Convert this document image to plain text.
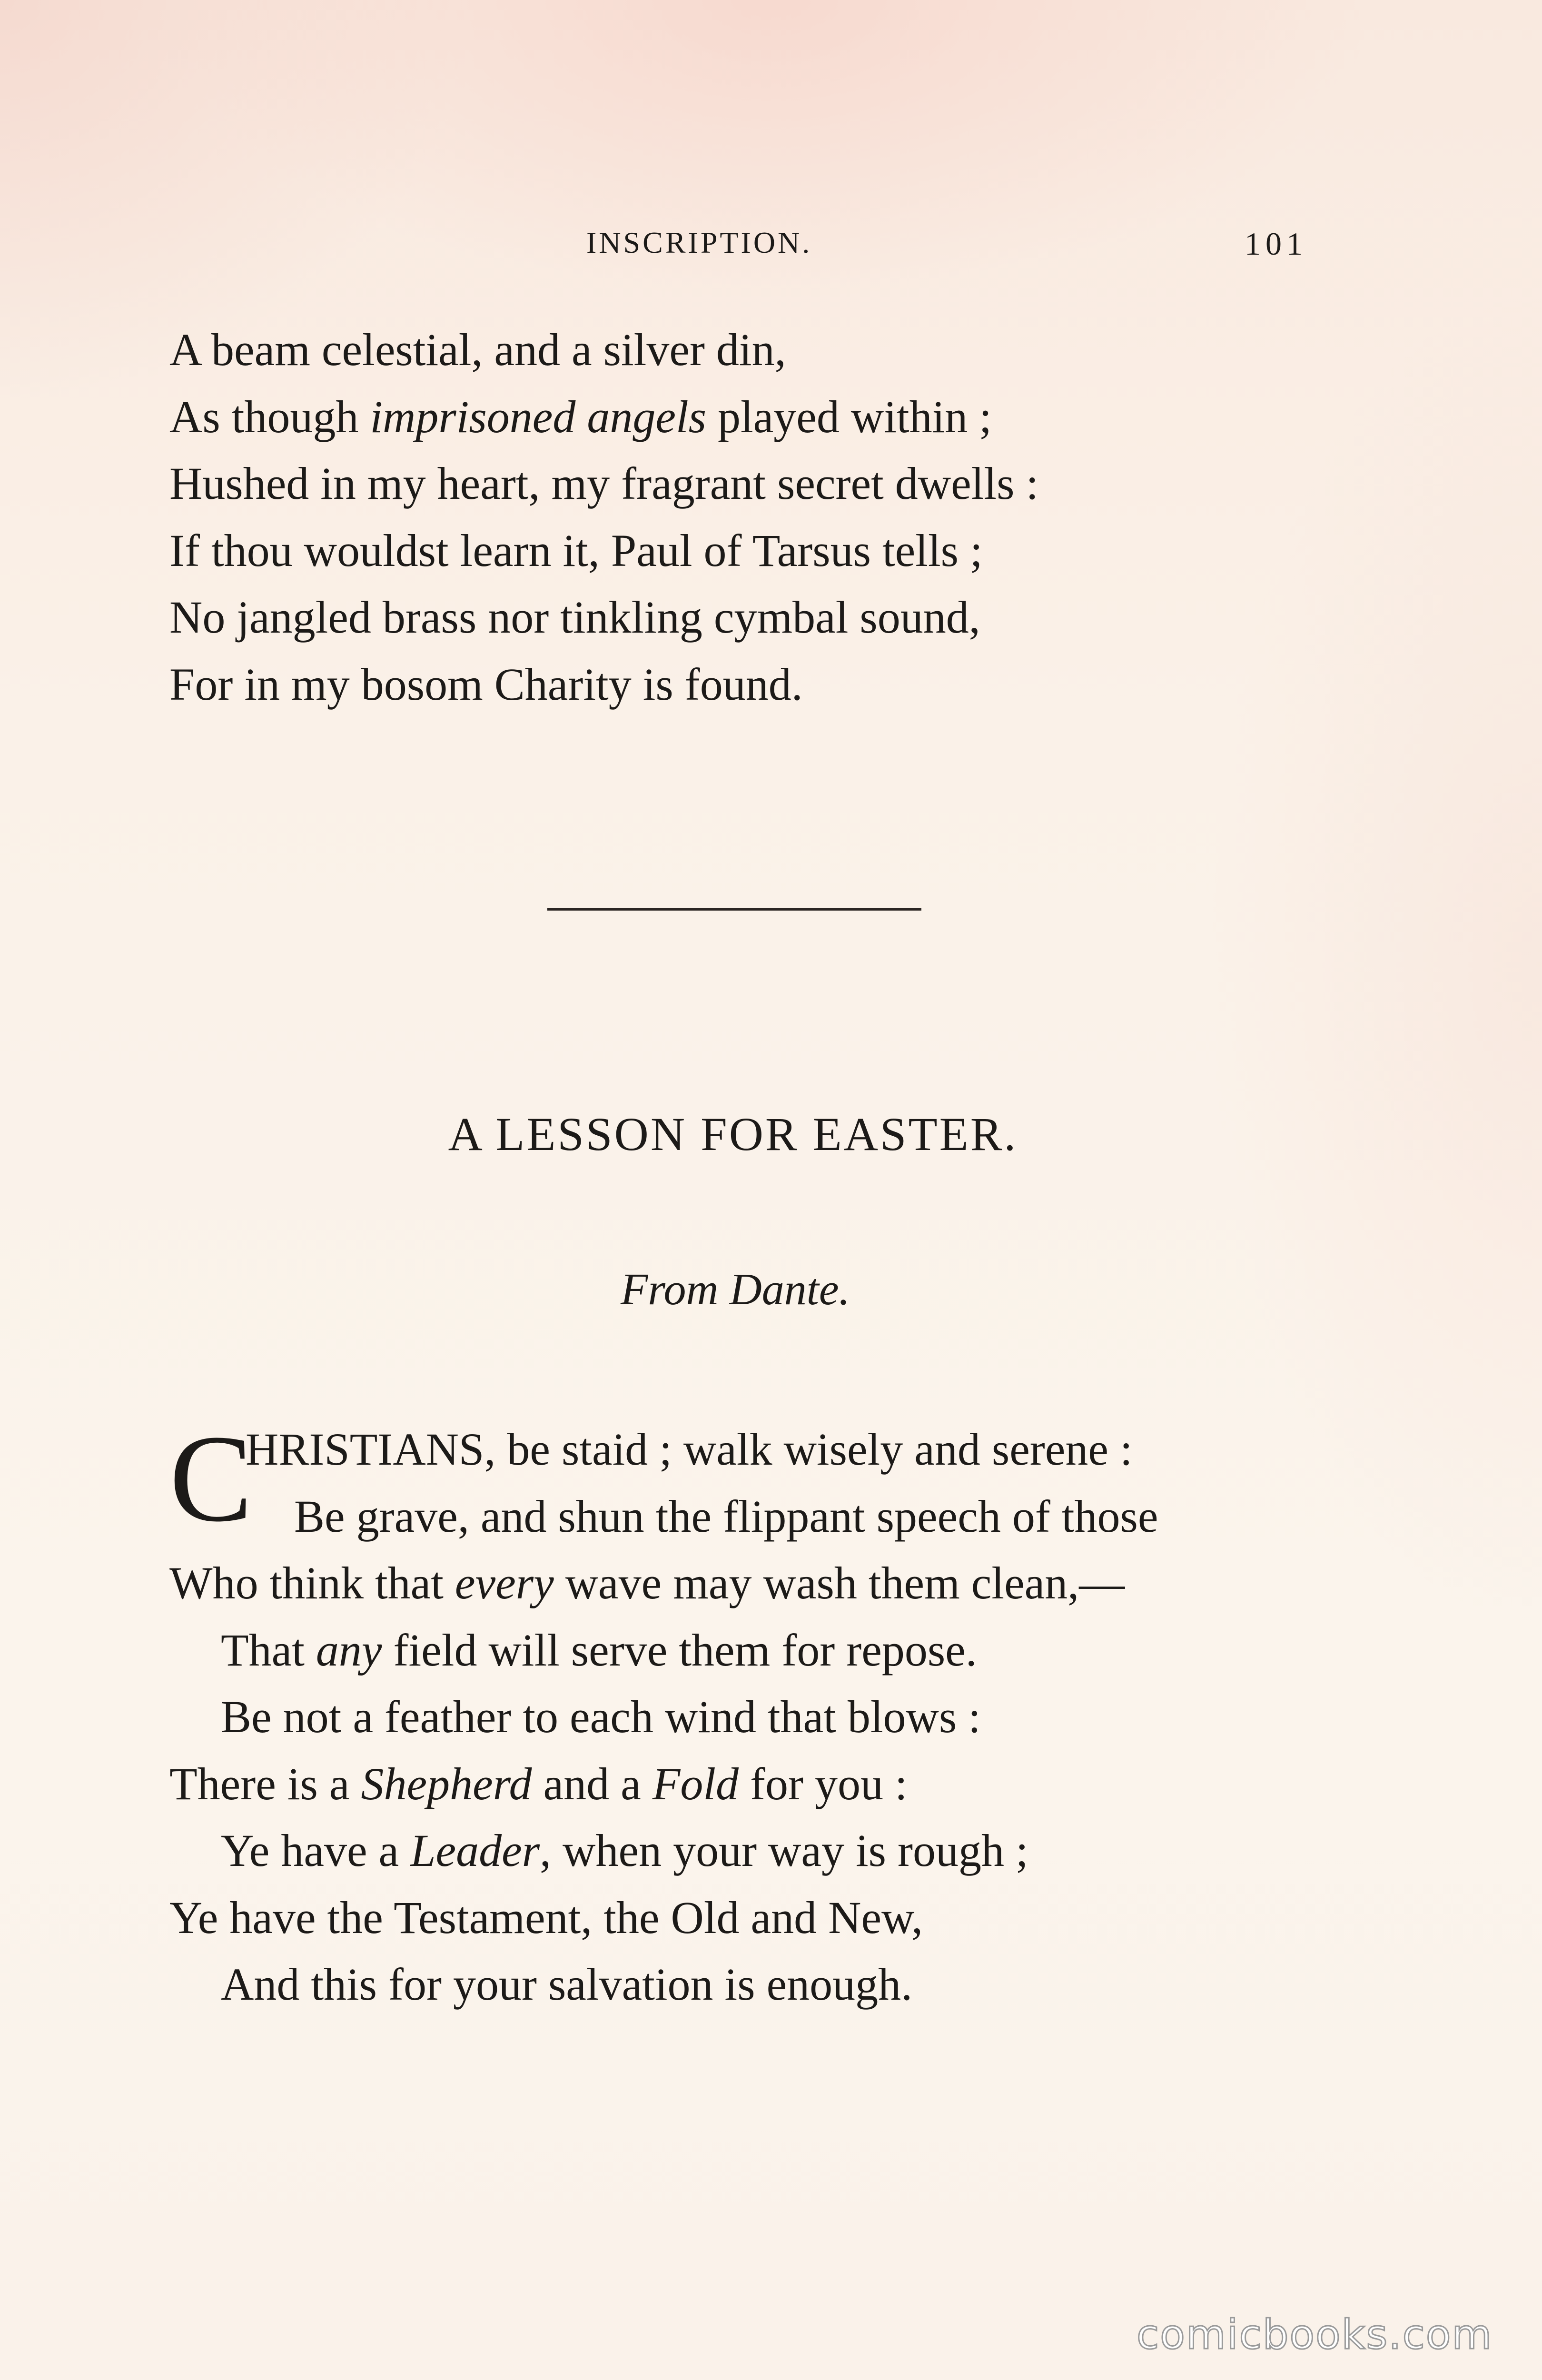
INSCRIPTION.	101
A beam celestial, and a silver din,
As though imprisoned angels played within ;
Hushed in my heart, my fragrant secret dwells :
If thou wouldst learn it, Paul of Tarsus tells ;
No jangled brass nor tinkling cymbal sound,
For in my bosom Charity is found.
A LESSON FOR EASTER.
From Dante.
C
HRISTIANS, be staid ; walk wisely and serene :
Be grave, and shun the flippant speech of those
Who think that every wave may wash them clean,—
That any field will serve them for repose.
Be not a feather to each wind that blows :
There is a Shepherd and a Fold for you :
Ye have a Leader, when your way is rough ;
Ye have the Testament, the Old and New,
And this for your salvation is enough.
comicbooks.com
